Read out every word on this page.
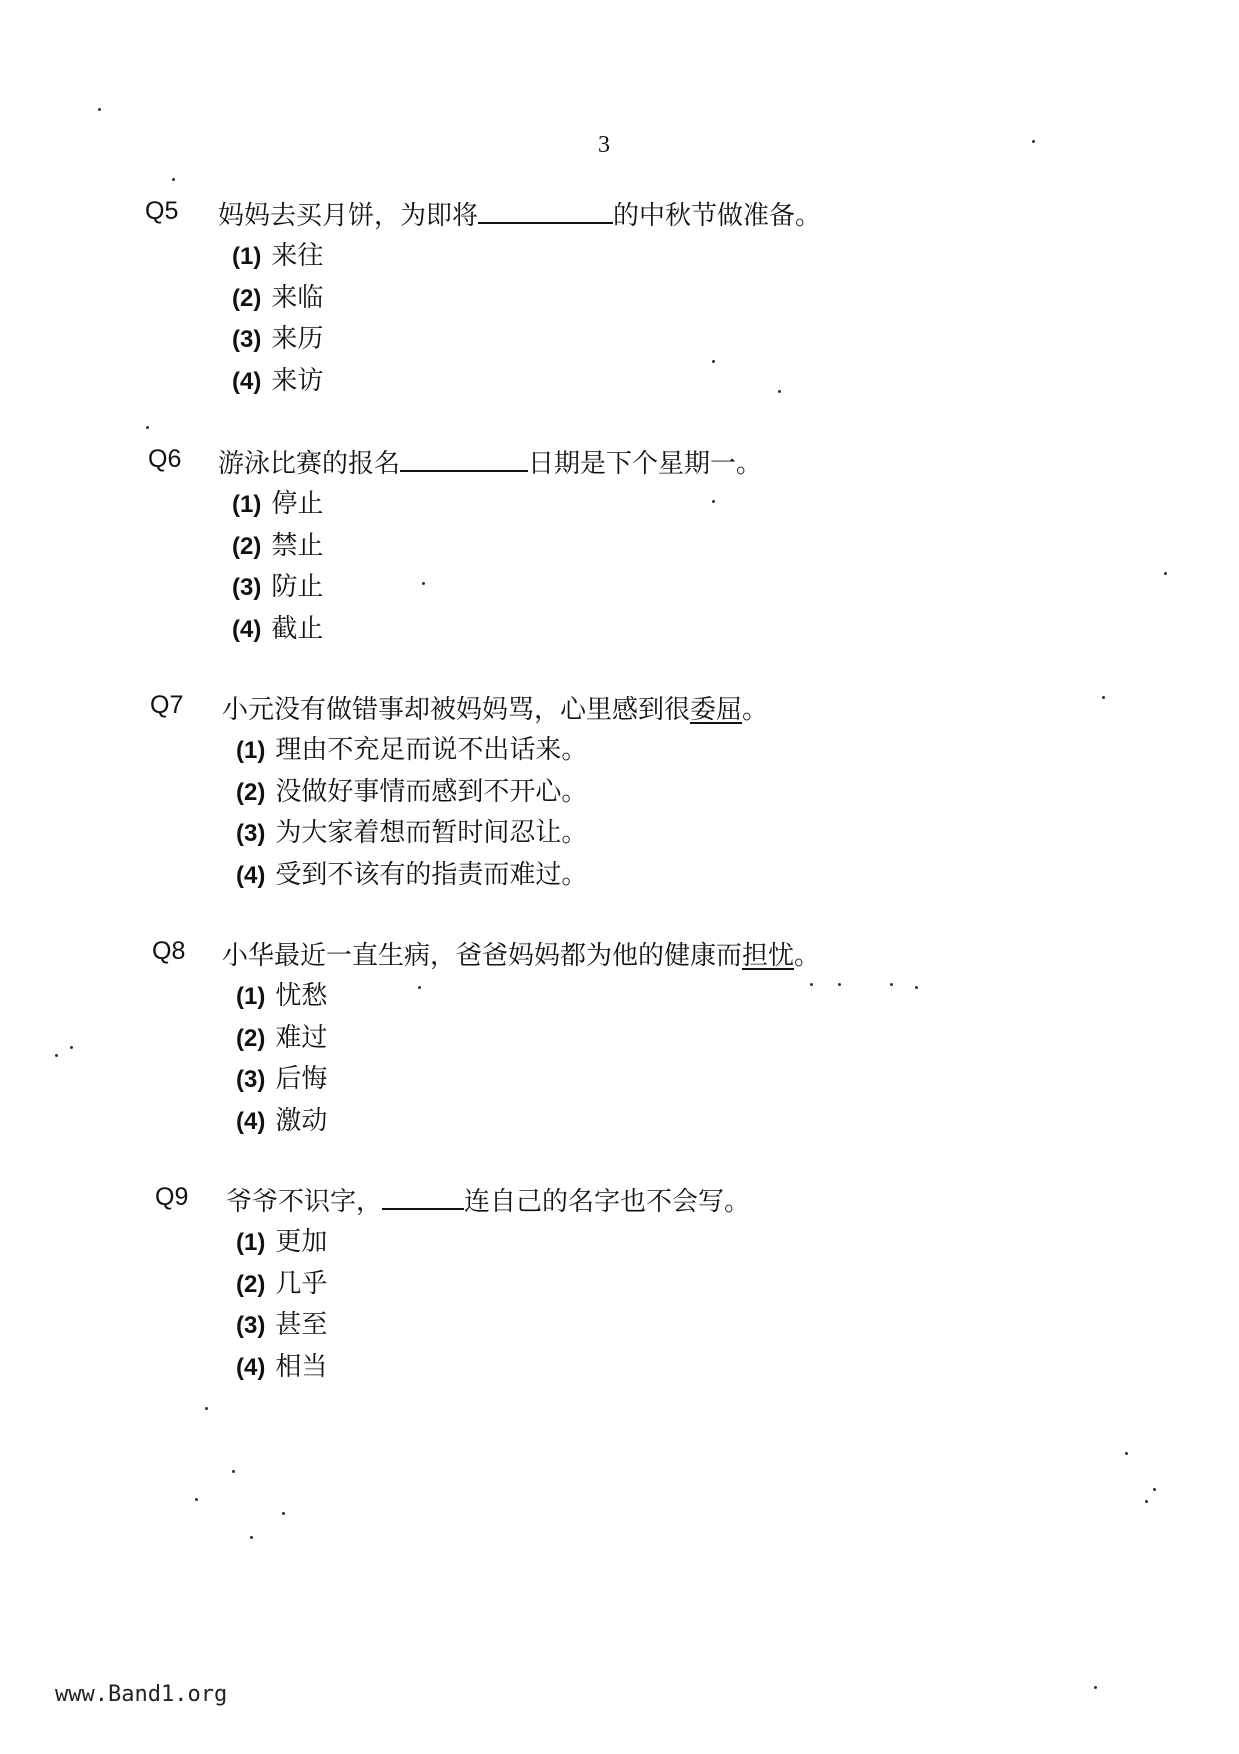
3
Q5 妈妈去买月饼，为即将	的中秋节做准备。
(1) 来往
(2) 来临
(3) 来历
(4) 来访
Q6 游泳比赛的报名	日期是下个星期一。
(1) 停止
(2) 禁止
(3) 防止
(4) 截止
Q7 小元没有做错事却被妈妈骂，心里感到很委屈。
(1) 理由不充足而说不出话来。
(2) 没做好事情而感到不开心。
(3) 为大家着想而暂时间忍让。
(4) 受到不该有的指责而难过。
Q8 小华最近一直生病，爸爸妈妈都为他的健康而担忧。
(1) 忧愁
(2) 难过
(3) 后悔
(4) 激动
Q9 爷爷不识字，	连自己的名字也不会写。
(1) 更加
(2) 几乎
(3) 甚至
(4) 相当
www.Band1.org
